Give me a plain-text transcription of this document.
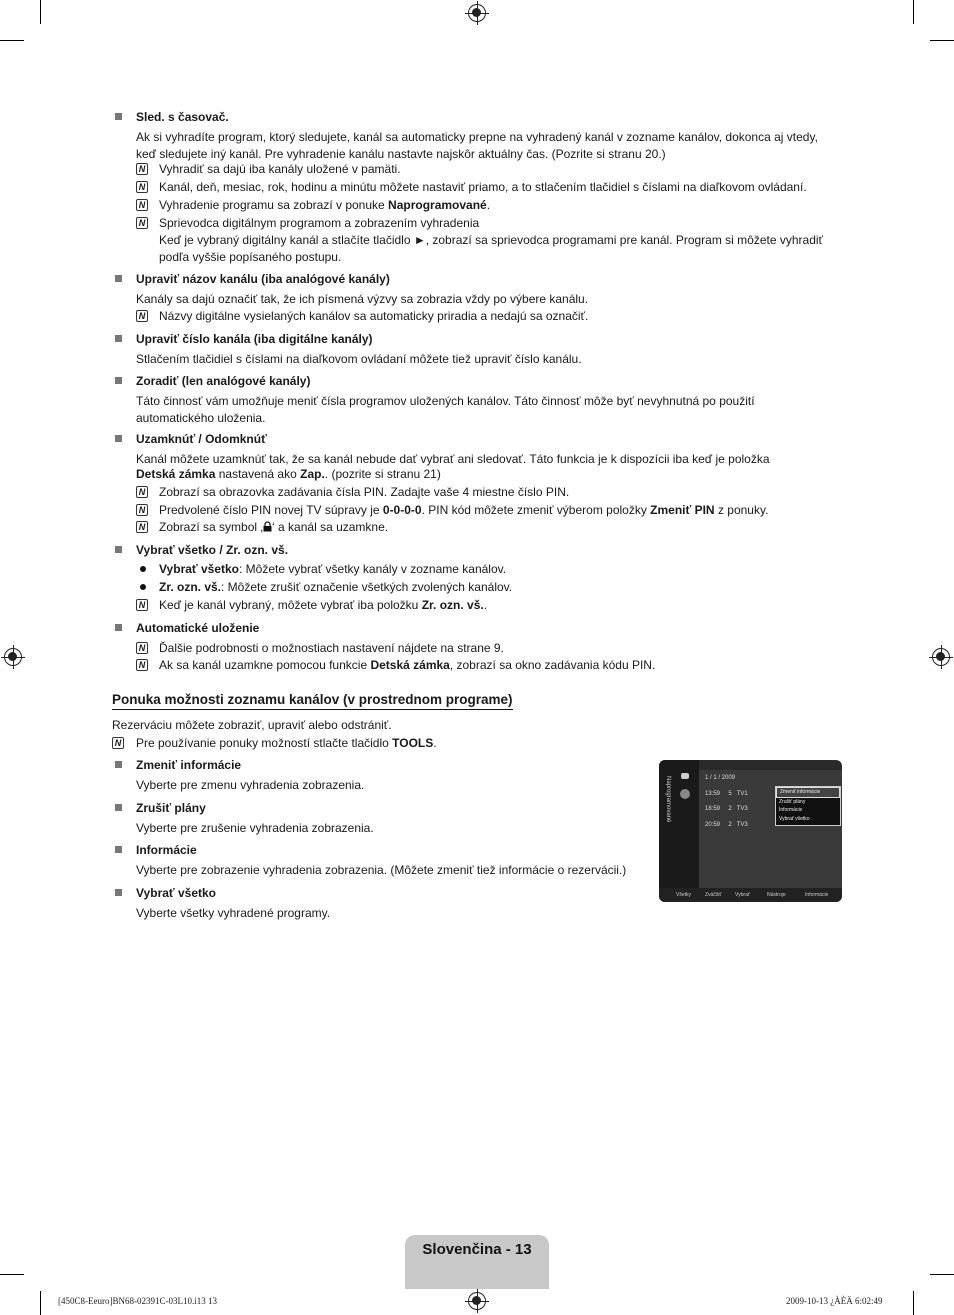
Sled. s časovač.
Ak si vyhradíte program, ktorý sledujete, kanál sa automaticky prepne na vyhradený kanál v zozname kanálov, dokonca aj vtedy, keď sledujete iný kanál. Pre vyhradenie kanálu nastavte najskôr aktuálny čas. (Pozrite si stranu 20.)
N Vyhradiť sa dajú iba kanály uložené v pamäti.
N Kanál, deň, mesiac, rok, hodinu a minútu môžete nastaviť priamo, a to stlačením tlačidiel s číslami na diaľkovom ovládaní.
N Vyhradenie programu sa zobrazí v ponuke Naprogramované.
N Sprievodca digitálnym programom a zobrazením vyhradenia
Keď je vybraný digitálny kanál a stlačíte tlačidlo ►, zobrazí sa sprievodca programami pre kanál. Program si môžete vyhradiť podľa vyššie popísaného postupu.
Upraviť názov kanálu (iba analógové kanály)
Kanály sa dajú označiť tak, že ich písmená výzvy sa zobrazia vždy po výbere kanálu.
N Názvy digitálne vysielaných kanálov sa automaticky priradia a nedajú sa označiť.
Upraviť číslo kanála (iba digitálne kanály)
Stlačením tlačidiel s číslami na diaľkovom ovládaní môžete tiež upraviť číslo kanálu.
Zoradiť (len analógové kanály)
Táto činnosť vám umožňuje meniť čísla programov uložených kanálov. Táto činnosť môže byť nevyhnutná po použití automatického uloženia.
Uzamknúť / Odomknúť
Kanál môžete uzamknúť tak, že sa kanál nebude dať vybrať ani sledovať. Táto funkcia je k dispozícii iba keď je položka
Detská zámka nastavená ako Zap.. (pozrite si stranu 21)
N Zobrazí sa obrazovka zadávania čísla PIN. Zadajte vaše 4 miestne číslo PIN.
N Predvolené číslo PIN novej TV súpravy je 0-0-0-0. PIN kód môžete zmeniť výberom položky Zmeniť PIN z ponuky.
N Zobrazí sa symbol ‚ ‘ a kanál sa uzamkne.
Vybrať všetko / Zr. ozn. vš.
Vybrať všetko: Môžete vybrať všetky kanály v zozname kanálov.
Zr. ozn. vš.: Môžete zrušiť označenie všetkých zvolených kanálov.
N Keď je kanál vybraný, môžete vybrať iba položku Zr. ozn. vš..
Automatické uloženie
N Ďalšie podrobnosti o možnostiach nastavení nájdete na strane 9.
N Ak sa kanál uzamkne pomocou funkcie Detská zámka, zobrazí sa okno zadávania kódu PIN.
Ponuka možnosti zoznamu kanálov (v prostrednom programe)
Rezerváciu môžete zobraziť, upraviť alebo odstrániť.
N Pre používanie ponuky možností stlačte tlačidlo TOOLS.
Zmeniť informácie
Vyberte pre zmenu vyhradenia zobrazenia.
Zrušiť plány
Vyberte pre zrušenie vyhradenia zobrazenia.
Informácie
Vyberte pre zobrazenie vyhradenia zobrazenia. (Môžete zmeniť tiež informácie o rezervácii.)
Vybrať všetko
Vyberte všetky vyhradené programy.
Naprogramované	1 / 1 / 2009
13:59 5 TV1
18:59 2 TV3
20:59 2 TV3
Zmeniť informácie
Zrušiť plány
Informácie
Vybrať všetko
Všetky	Zväčšiť	Vybrať	Nástroje	Informácie
Slovenčina - 13
[450C8-Eeuro]BN68-02391C-03L10.i13 13	2009-10-13 ¿ÀÈÄ 6:02:49
